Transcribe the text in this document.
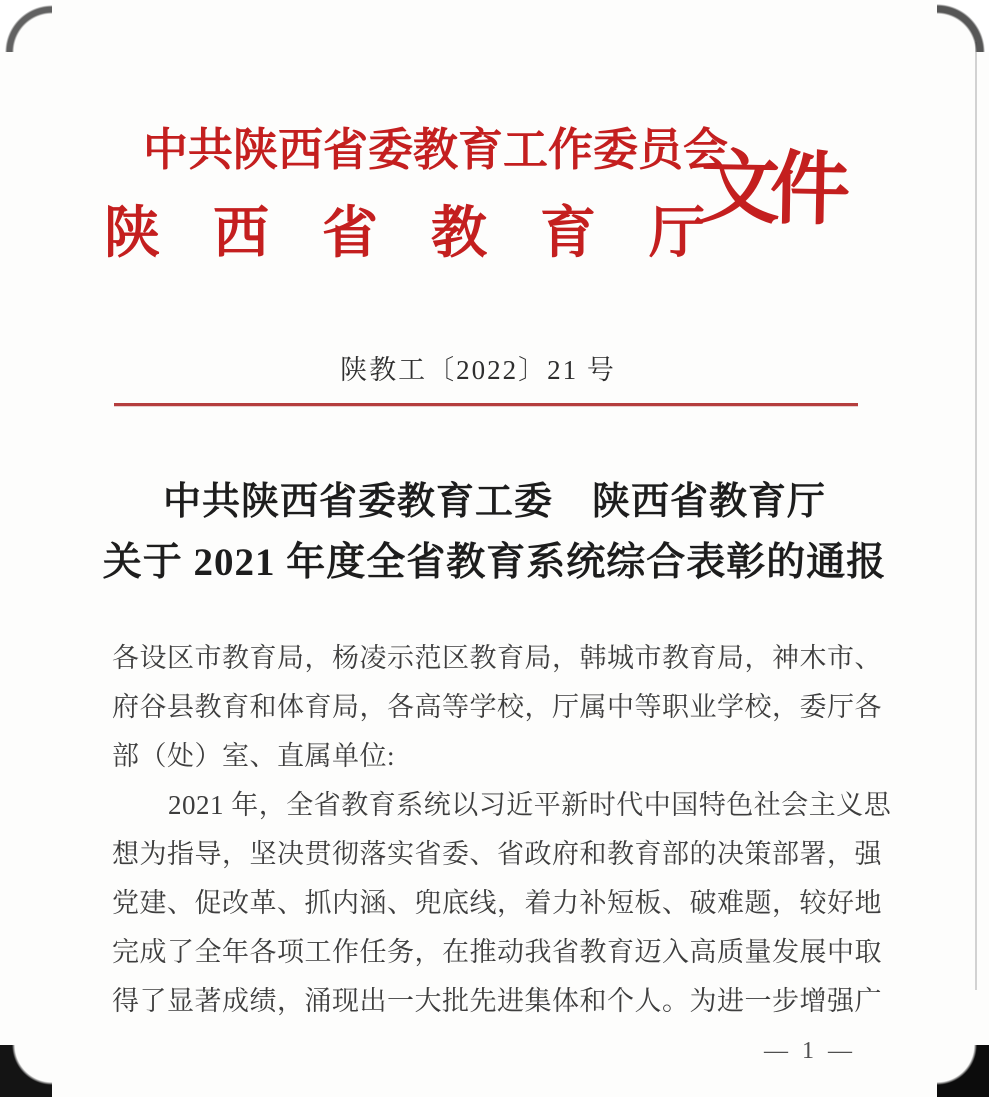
中共陕西省委教育工作委员会
陕西省教育厅
文件
陕教工〔2022〕21 号
中共陕西省委教育工委　陕西省教育厅
关于 2021 年度全省教育系统综合表彰的通报
各设区市教育局，杨凌示范区教育局，韩城市教育局，神木市、
府谷县教育和体育局，各高等学校，厅属中等职业学校，委厅各
部（处）室、直属单位:
2021 年，全省教育系统以习近平新时代中国特色社会主义思
想为指导，坚决贯彻落实省委、省政府和教育部的决策部署，强
党建、促改革、抓内涵、兜底线，着力补短板、破难题，较好地
完成了全年各项工作任务，在推动我省教育迈入高质量发展中取
得了显著成绩，涌现出一大批先进集体和个人。为进一步增强广
— 1 —
